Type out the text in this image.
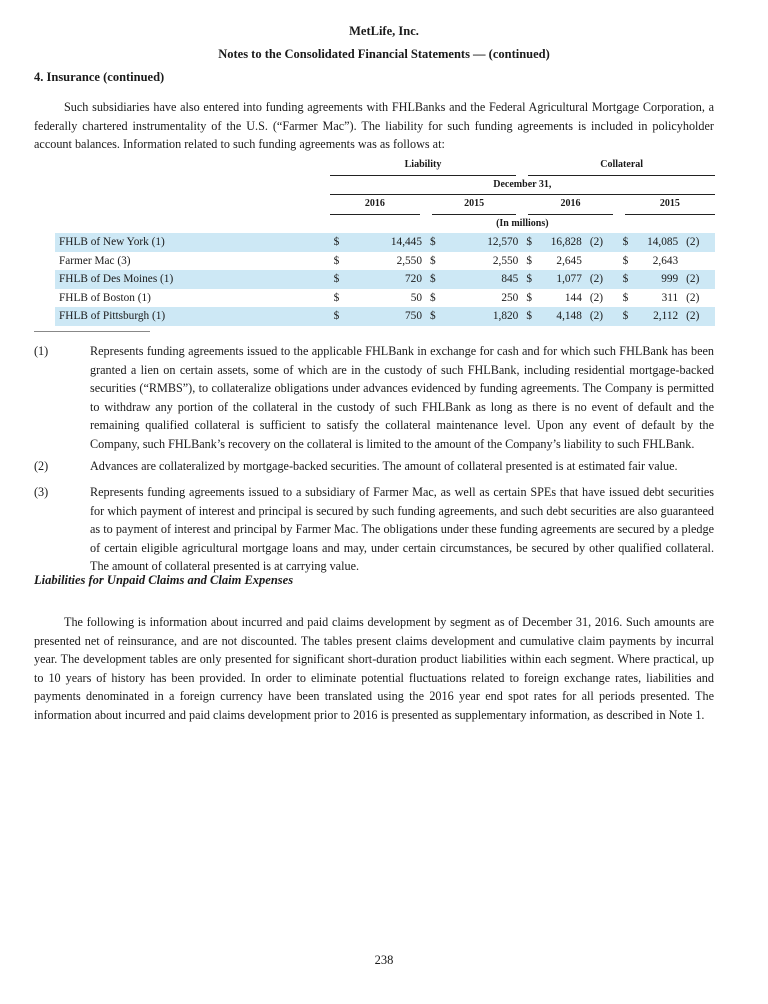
MetLife, Inc.
Notes to the Consolidated Financial Statements — (continued)
4. Insurance (continued)

Such subsidiaries have also entered into funding agreements with FHLBanks and the Federal Agricultural Mortgage Corporation, a federally chartered instrumentality of the U.S. (“Farmer Mac”). The liability for such funding agreements is included in policyholder account balances. Information related to such funding agreements was as follows at:

	Liability				Collateral					

	December 31,									

	2016		2015		2016			2015		

	(In millions)									
FHLB of New York (1)	$	14,445	$	12,570	$	16,828	(2)	$	14,085	(2)
Farmer Mac (3)	$	2,550	$	2,550	$	2,645		$	2,643	
FHLB of Des Moines (1)	$	720	$	845	$	1,077	(2)	$	999	(2)
FHLB of Boston (1)	$	50	$	250	$	144	(2)	$	311	(2)
FHLB of Pittsburgh (1)	$	750	$	1,820	$	4,148	(2)	$	2,112	(2)
(1)	Represents funding agreements issued to the applicable FHLBank in exchange for cash and for which such FHLBank has been granted a lien on certain assets, some of which are in the custody of such FHLBank, including residential mortgage-backed securities (“RMBS”), to collateralize obligations under advances evidenced by funding agreements. The Company is permitted to withdraw any portion of the collateral in the custody of such FHLBank as long as there is no event of default and the remaining qualified collateral is sufficient to satisfy the collateral maintenance level. Upon any event of default by the Company, such FHLBank’s recovery on the collateral is limited to the amount of the Company’s liability to such FHLBank.
(2)	Advances are collateralized by mortgage-backed securities. The amount of collateral presented is at estimated fair value.
(3)	Represents funding agreements issued to a subsidiary of Farmer Mac, as well as certain SPEs that have issued debt securities for which payment of interest and principal is secured by such funding agreements, and such debt securities are also guaranteed as to payment of interest and principal by Farmer Mac. The obligations under these funding agreements are secured by a pledge of certain eligible agricultural mortgage loans and may, under certain circumstances, be secured by other qualified collateral. The amount of collateral presented is at carrying value.
Liabilities for Unpaid Claims and Claim Expenses

The following is information about incurred and paid claims development by segment as of December 31, 2016. Such amounts are presented net of reinsurance, and are not discounted. The tables present claims development and cumulative claim payments by incurral year. The development tables are only presented for significant short-duration product liabilities within each segment. Where practical, up to 10 years of history has been provided. In order to eliminate potential fluctuations related to foreign exchange rates, liabilities and payments denominated in a foreign currency have been translated using the 2016 year end spot rates for all periods presented. The information about incurred and paid claims development prior to 2016 is presented as supplementary information, as described in Note 1.

238
